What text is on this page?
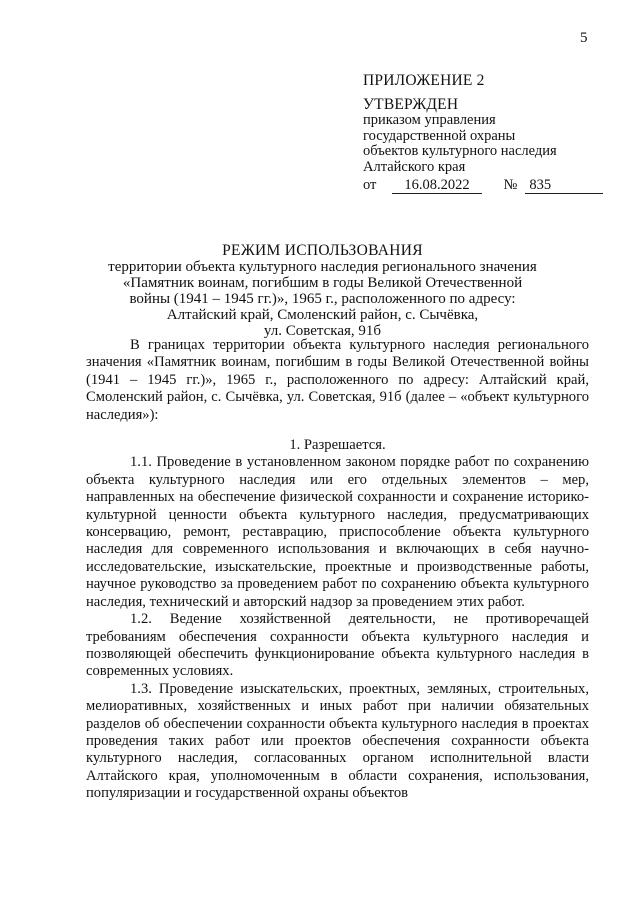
5
ПРИЛОЖЕНИЕ 2
УТВЕРЖДЕН
приказом управления
государственной охраны
объектов культурного наследия
Алтайского края
от	16.08.2022	№ 835
РЕЖИМ ИСПОЛЬЗОВАНИЯ
территории объекта культурного наследия регионального значения
«Памятник воинам, погибшим в годы Великой Отечественной
войны (1941 – 1945 гг.)», 1965 г., расположенного по адресу:
Алтайский край, Смоленский район, с. Сычёвка,
ул. Советская, 91б

В границах территории объекта культурного наследия регионального значения «Памятник воинам, погибшим в годы Великой Отечественной войны (1941 – 1945 гг.)», 1965 г., расположенного по адресу: Алтайский край, Смоленский район, с. Сычёвка, ул. Советская, 91б (далее – «объект культурного наследия»):

1. Разрешается.

1.1. Проведение в установленном законом порядке работ по сохранению объекта культурного наследия или его отдельных элементов – мер, направленных на обеспечение физической сохранности и сохранение историко-культурной ценности объекта культурного наследия, предусматривающих консервацию, ремонт, реставрацию, приспособление объекта культурного наследия для современного использования и включающих в себя научно-исследовательские, изыскательские, проектные и производственные работы, научное руководство за проведением работ по сохранению объекта культурного наследия, технический и авторский надзор за проведением этих работ.

1.2. Ведение хозяйственной деятельности, не противоречащей требованиям обеспечения сохранности объекта культурного наследия и позволяющей обеспечить функционирование объекта культурного наследия в современных условиях.

1.3. Проведение изыскательских, проектных, земляных, строительных, мелиоративных, хозяйственных и иных работ при наличии обязательных разделов об обеспечении сохранности объекта культурного наследия в проектах проведения таких работ или проектов обеспечения сохранности объекта культурного наследия, согласованных органом исполнительной власти Алтайского края, уполномоченным в области сохранения, использования, популяризации и государственной охраны объектов
